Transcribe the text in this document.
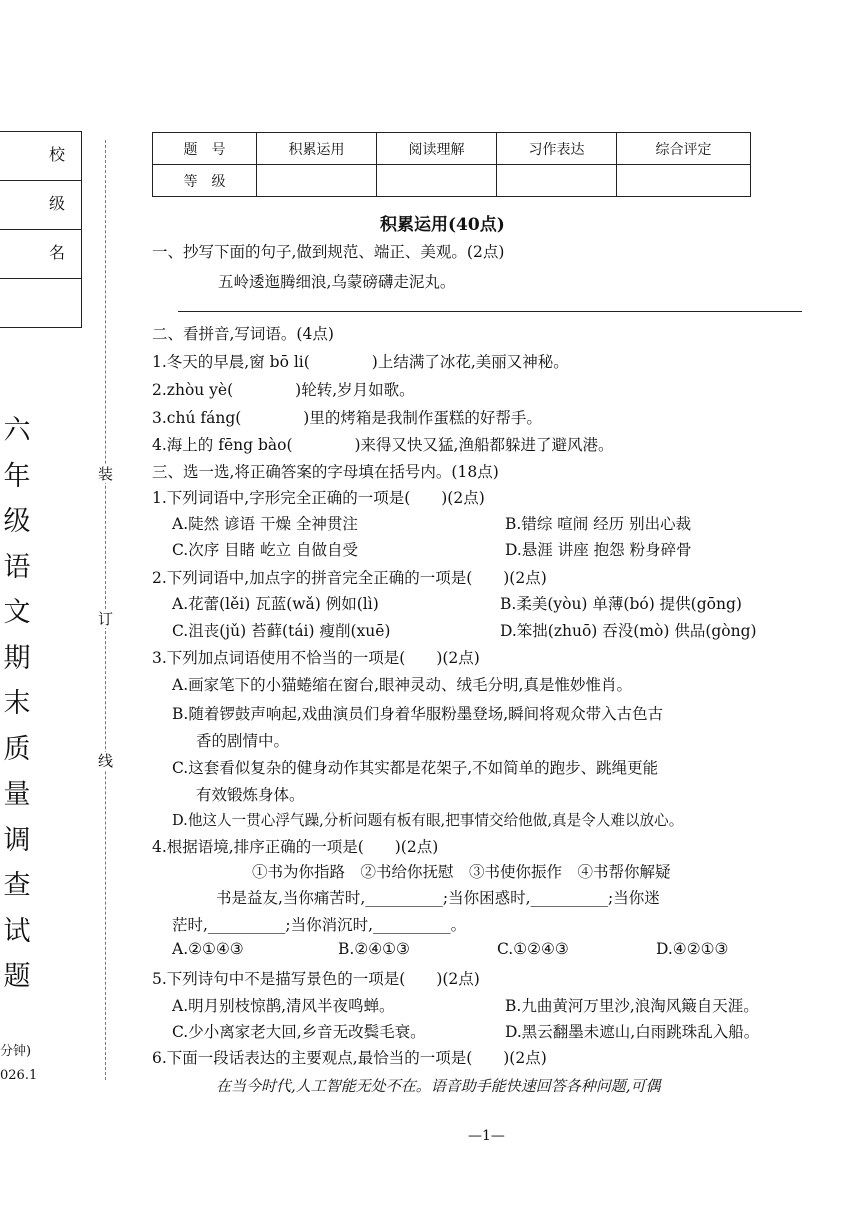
校
级
名
六
年
级
语
文
期
末
质
量
调
查
试
题
分钟)
026.1
装
订
线
题　号	积累运用	阅读理解	习作表达	综合评定
等　级				
积累运用(40点)
一、抄写下面的句子,做到规范、端正、美观。(2点)
五岭逶迤腾细浪,乌蒙磅礴走泥丸。
二、看拼音,写词语。(4点)
1.冬天的早晨,窗 bō li(　　　　)上结满了冰花,美丽又神秘。
2.zhòu yè(　　　　)轮转,岁月如歌。
3.chú fáng(　　　　)里的烤箱是我制作蛋糕的好帮手。
4.海上的 fēng bào(　　　　)来得又快又猛,渔船都躲进了避风港。
三、选一选,将正确答案的字母填在括号内。(18点)
1.下列词语中,字形完全正确的一项是(　　)(2点)
A.陡然 谚语 干燥 全神贯注	B.错综 喧闹 经历 别出心裁
C.次序 目睹 屹立 自做自受	D.悬涯 讲座 抱怨 粉身碎骨
2.下列词语中,加点字的拼音完全正确的一项是(　　)(2点)
A.花蕾(lěi) 瓦蓝(wǎ) 例如(lì)	B.柔美(yòu) 单薄(bó) 提供(gōng)
C.沮丧(jǔ) 苔藓(tái) 瘦削(xuē)	D.笨拙(zhuō) 吞没(mò) 供品(gòng)
3.下列加点词语使用不恰当的一项是(　　)(2点)
A.画家笔下的小猫蜷缩在窗台,眼神灵动、绒毛分明,真是惟妙惟肖。
B.随着锣鼓声响起,戏曲演员们身着华服粉墨登场,瞬间将观众带入古色古
香的剧情中。
C.这套看似复杂的健身动作其实都是花架子,不如简单的跑步、跳绳更能
有效锻炼身体。
D.他这人一贯心浮气躁,分析问题有板有眼,把事情交给他做,真是令人难以放心。
4.根据语境,排序正确的一项是(　　)(2点)
①书为你指路　②书给你抚慰　③书使你振作　④书帮你解疑
书是益友,当你痛苦时,__________;当你困惑时,__________;当你迷
茫时,__________;当你消沉时,__________。
A.②①④③	B.②④①③	C.①②④③	D.④②①③
5.下列诗句中不是描写景色的一项是(　　)(2点)
A.明月别枝惊鹊,清风半夜鸣蝉。	B.九曲黄河万里沙,浪淘风簸自天涯。
C.少小离家老大回,乡音无改鬓毛衰。	D.黑云翻墨未遮山,白雨跳珠乱入船。
6.下面一段话表达的主要观点,最恰当的一项是(　　)(2点)
在当今时代,人工智能无处不在。语音助手能快速回答各种问题,可偶
—1—
